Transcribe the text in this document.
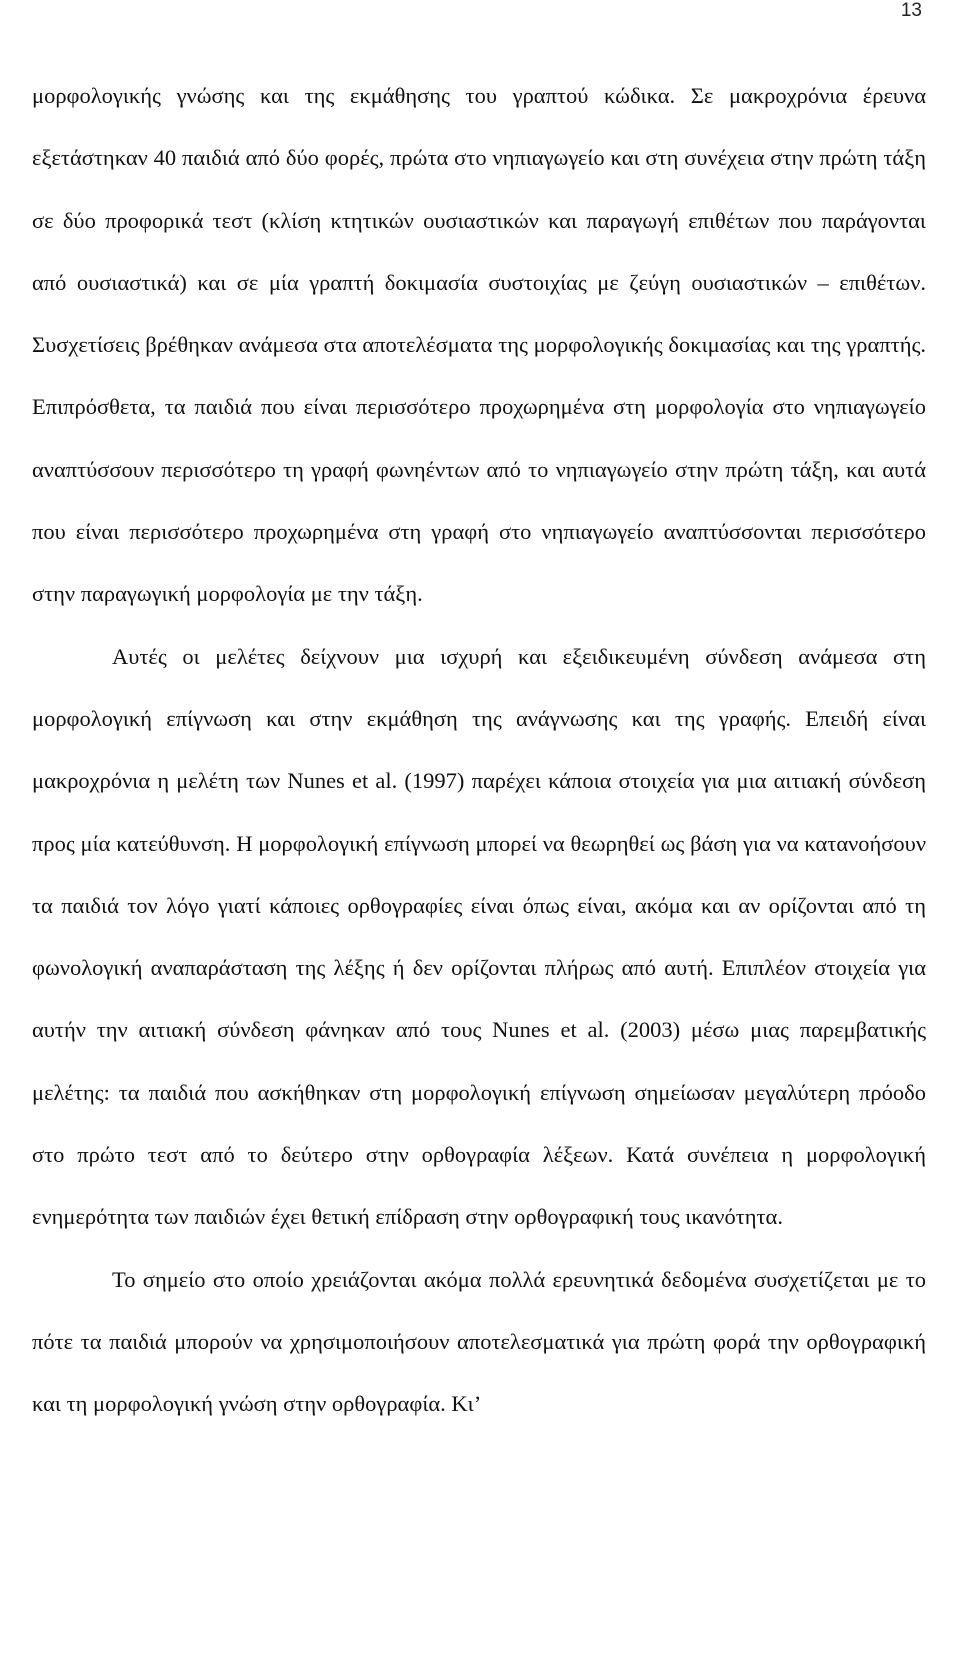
13

μορφολογικής γνώσης και της εκμάθησης του γραπτού κώδικα. Σε μακροχρόνια έρευνα εξετάστηκαν 40 παιδιά από δύο φορές, πρώτα στο νηπιαγωγείο και στη συνέχεια στην πρώτη τάξη σε δύο προφορικά τεστ (κλίση κτητικών ουσιαστικών και παραγωγή επιθέτων που παράγονται από ουσιαστικά) και σε μία γραπτή δοκιμασία συστοιχίας με ζεύγη ουσιαστικών – επιθέτων. Συσχετίσεις βρέθηκαν ανάμεσα στα αποτελέσματα της μορφολογικής δοκιμασίας και της γραπτής. Επιπρόσθετα, τα παιδιά που είναι περισσότερο προχωρημένα στη μορφολογία στο νηπιαγωγείο αναπτύσσουν περισσότερο τη γραφή φωνηέντων από το νηπιαγωγείο στην πρώτη τάξη, και αυτά που είναι περισσότερο προχωρημένα στη γραφή στο νηπιαγωγείο αναπτύσσονται περισσότερο στην παραγωγική μορφολογία με την τάξη.

Αυτές οι μελέτες δείχνουν μια ισχυρή και εξειδικευμένη σύνδεση ανάμεσα στη μορφολογική επίγνωση και στην εκμάθηση της ανάγνωσης και της γραφής. Επειδή είναι μακροχρόνια η μελέτη των Nunes et al. (1997) παρέχει κάποια στοιχεία για μια αιτιακή σύνδεση προς μία κατεύθυνση. Η μορφολογική επίγνωση μπορεί να θεωρηθεί ως βάση για να κατανοήσουν τα παιδιά τον λόγο γιατί κάποιες ορθογραφίες είναι όπως είναι, ακόμα και αν ορίζονται από τη φωνολογική αναπαράσταση της λέξης ή δεν ορίζονται πλήρως από αυτή. Επιπλέον στοιχεία για αυτήν την αιτιακή σύνδεση φάνηκαν από τους Nunes et al. (2003) μέσω μιας παρεμβατικής μελέτης: τα παιδιά που ασκήθηκαν στη μορφολογική επίγνωση σημείωσαν μεγαλύτερη πρόοδο στο πρώτο τεστ από το δεύτερο στην ορθογραφία λέξεων. Κατά συνέπεια η μορφολογική ενημερότητα των παιδιών έχει θετική επίδραση στην ορθογραφική τους ικανότητα.

Το σημείο στο οποίο χρειάζονται ακόμα πολλά ερευνητικά δεδομένα συσχετίζεται με το πότε τα παιδιά μπορούν να χρησιμοποιήσουν αποτελεσματικά για πρώτη φορά την ορθογραφική και τη μορφολογική γνώση στην ορθογραφία. Κι’
